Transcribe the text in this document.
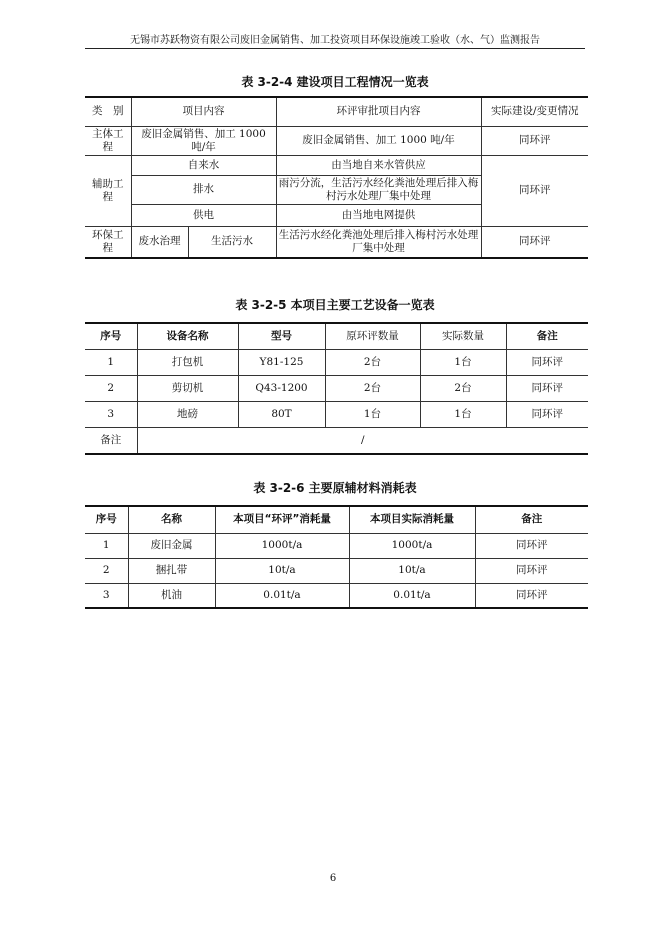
无锡市苏跃物资有限公司废旧金属销售、加工投资项目环保设施竣工验收（水、气）监测报告
表 3-2-4 建设项目工程情况一览表
类　别	项目内容		环评审批项目内容	实际建设/变更情况
主体工程	废旧金属销售、加工 1000 吨/年		废旧金属销售、加工 1000 吨/年	同环评
辅助工程	自来水		由当地自来水管供应	同环评
	排水		雨污分流，生活污水经化粪池处理后排入梅村污水处理厂集中处理	
	供电		由当地电网提供	
环保工程	废水治理	生活污水	生活污水经化粪池处理后排入梅村污水处理厂集中处理	同环评
表 3-2-5 本项目主要工艺设备一览表
序号	设备名称	型号	原环评数量	实际数量	备注
1	打包机	Y81-125	2台	1台	同环评
2	剪切机	Q43-1200	2台	2台	同环评
3	地磅	80T	1台	1台	同环评
备注	/				
表 3-2-6 主要原辅材料消耗表
序号	名称	本项目“环评”消耗量	本项目实际消耗量	备注
1	废旧金属	1000t/a	1000t/a	同环评
2	捆扎带	10t/a	10t/a	同环评
3	机油	0.01t/a	0.01t/a	同环评
6
